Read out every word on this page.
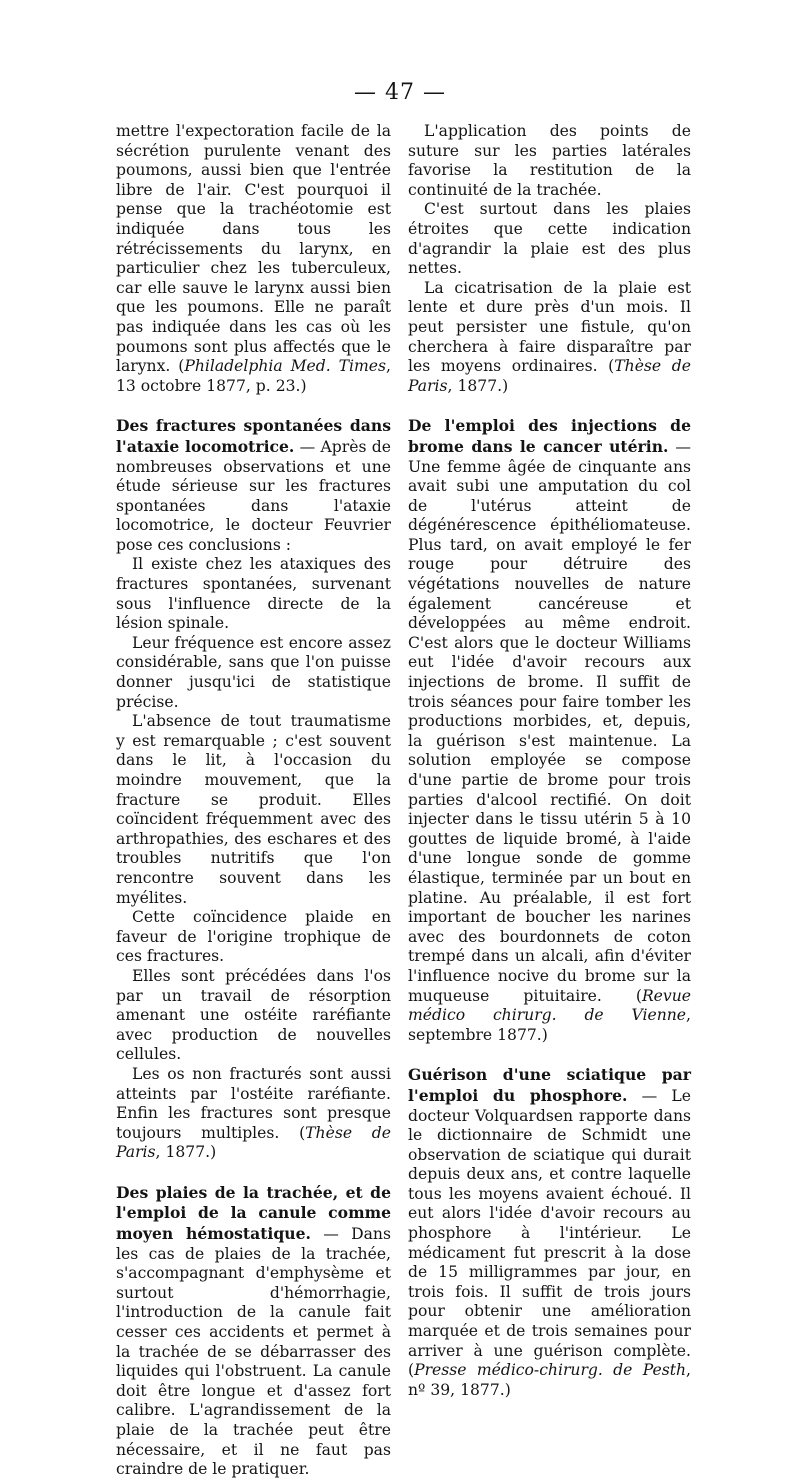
— 47 —

mettre l'expectoration facile de la sécrétion purulente venant des poumons, aussi bien que l'entrée libre de l'air. C'est pourquoi il pense que la trachéotomie est indiquée dans tous les rétrécissements du larynx, en particulier chez les tuberculeux, car elle sauve le larynx aussi bien que les poumons. Elle ne paraît pas indiquée dans les cas où les poumons sont plus affectés que le larynx. (Philadelphia Med. Times, 13 octobre 1877, p. 23.)

Des fractures spontanées dans l'ataxie locomotrice. — Après de nombreuses observations et une étude sérieuse sur les fractures spontanées dans l'ataxie locomotrice, le docteur Feuvrier pose ces conclusions :

Il existe chez les ataxiques des fractures spontanées, survenant sous l'influence directe de la lésion spinale.

Leur fréquence est encore assez considérable, sans que l'on puisse donner jusqu'ici de statistique précise.

L'absence de tout traumatisme y est remarquable ; c'est souvent dans le lit, à l'occasion du moindre mouvement, que la fracture se produit. Elles coïncident fréquemment avec des arthropathies, des eschares et des troubles nutritifs que l'on rencontre souvent dans les myélites.

Cette coïncidence plaide en faveur de l'origine trophique de ces fractures.

Elles sont précédées dans l'os par un travail de résorption amenant une ostéite raréfiante avec production de nouvelles cellules.

Les os non fracturés sont aussi atteints par l'ostéite raréfiante. Enfin les fractures sont presque toujours multiples. (Thèse de Paris, 1877.)

Des plaies de la trachée, et de l'emploi de la canule comme moyen hémostatique. — Dans les cas de plaies de la trachée, s'accompagnant d'emphysème et surtout d'hémorrhagie, l'introduction de la canule fait cesser ces accidents et permet à la trachée de se débarrasser des liquides qui l'obstruent. La canule doit être longue et d'assez fort calibre. L'agrandissement de la plaie de la trachée peut être nécessaire, et il ne faut pas craindre de le pratiquer.

L'application des points de suture sur les parties latérales favorise la restitution de la continuité de la trachée.

C'est surtout dans les plaies étroites que cette indication d'agrandir la plaie est des plus nettes.

La cicatrisation de la plaie est lente et dure près d'un mois. Il peut persister une fistule, qu'on cherchera à faire disparaître par les moyens ordinaires. (Thèse de Paris, 1877.)

De l'emploi des injections de brome dans le cancer utérin. — Une femme âgée de cinquante ans avait subi une amputation du col de l'utérus atteint de dégénérescence épithéliomateuse. Plus tard, on avait employé le fer rouge pour détruire des végétations nouvelles de nature également cancéreuse et développées au même endroit. C'est alors que le docteur Williams eut l'idée d'avoir recours aux injections de brome. Il suffit de trois séances pour faire tomber les productions morbides, et, depuis, la guérison s'est maintenue. La solution employée se compose d'une partie de brome pour trois parties d'alcool rectifié. On doit injecter dans le tissu utérin 5 à 10 gouttes de liquide bromé, à l'aide d'une longue sonde de gomme élastique, terminée par un bout en platine. Au préalable, il est fort important de boucher les narines avec des bourdonnets de coton trempé dans un alcali, afin d'éviter l'influence nocive du brome sur la muqueuse pituitaire. (Revue médico chirurg. de Vienne, septembre 1877.)

Guérison d'une sciatique par l'emploi du phosphore. — Le docteur Volquardsen rapporte dans le dictionnaire de Schmidt une observation de sciatique qui durait depuis deux ans, et contre laquelle tous les moyens avaient échoué. Il eut alors l'idée d'avoir recours au phosphore à l'intérieur. Le médicament fut prescrit à la dose de 15 milligrammes par jour, en trois fois. Il suffit de trois jours pour obtenir une amélioration marquée et de trois semaines pour arriver à une guérison complète. (Presse médico-chirurg. de Pesth, nº 39, 1877.)
